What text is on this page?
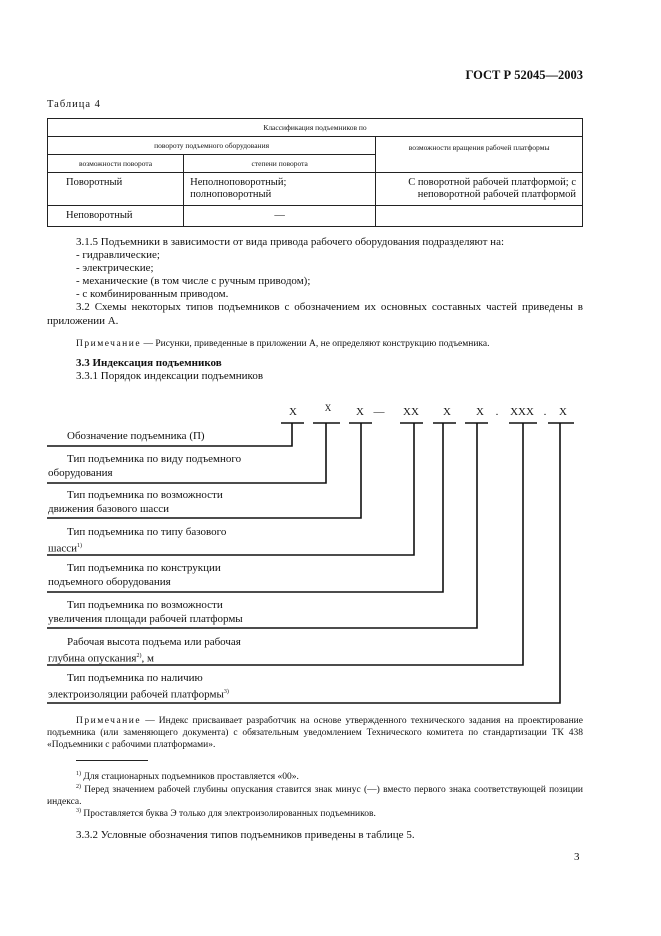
ГОСТ Р 52045—2003
Таблица 4
Классификация подъемников по		
повороту подъемного оборудования		возможности вращения рабочей платформы
возможности поворота	степени поворота	
Поворотный	Неполноповоротный; полноповоротный	С поворотной рабочей платформой; с неповоротной рабочей платформой
Неповоротный	—	
3.1.5 Подъемники в зависимости от вида привода рабочего оборудования подразделяют на:
- гидравлические;
- электрические;
- механические (в том числе с ручным приводом);
- с комбинированным приводом.
3.2 Схемы некоторых типов подъемников с обозначением их основных составных частей приведены в приложении А.
Примечание — Рисунки, приведенные в приложении А, не определяют конструкцию подъемника.
3.3 Индексация подъемников
3.3.1 Порядок индексации подъемников
Х	Х Х — ХХ Х Х	.	ХХХ .	Х
Обозначение подъемника (П)
Тип подъемника по виду подъемного
оборудования
Тип подъемника по возможности
движения базового шасси
Тип подъемника по типу базового
шасси$^{1)}$
Тип подъемника по конструкции
подъемного оборудования
Тип подъемника по возможности
увеличения площади рабочей платформы
Рабочая высота подъема или рабочая
глубина опускания$^{2)}$, м
Тип подъемника по наличию
электроизоляции рабочей платформы$^{3)}$
Примечание — Индекс присваивает разработчик на основе утвержденного технического задания на проектирование подъемника (или заменяющего документа) с обязательным уведомлением Технического комитета по стандартизации ТК 438 «Подъемники с рабочими платформами».
$^{1)}$ Для стационарных подъемников проставляется «00».
$^{2)}$ Перед значением рабочей глубины опускания ставится знак минус (—) вместо первого знака соответствующей позиции индекса.
$^{3)}$ Проставляется буква Э только для электроизолированных подъемников.
3.3.2 Условные обозначения типов подъемников приведены в таблице 5.
3
